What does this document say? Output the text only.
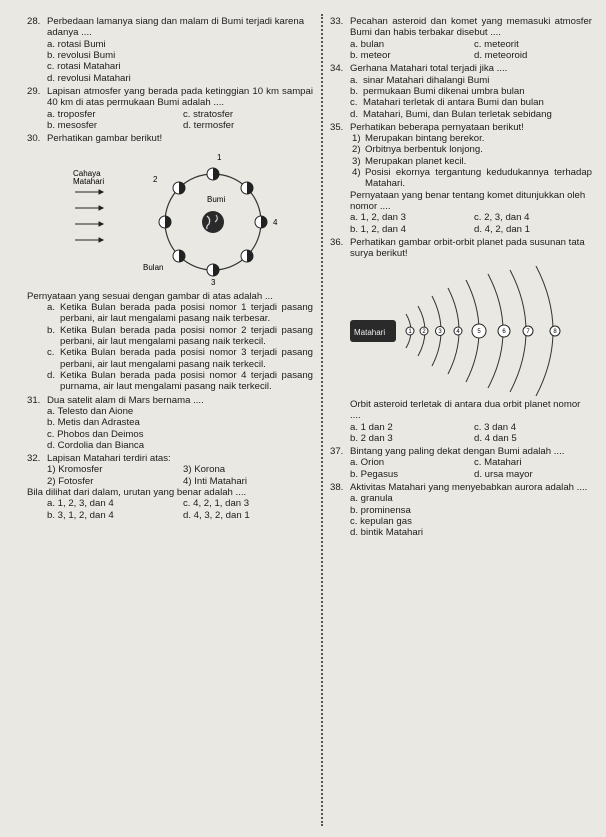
28. Perbedaan lamanya siang dan malam di Bumi terjadi karena adanya ....
a. rotasi Bumi
b. revolusi Bumi
c. rotasi Matahari
d. revolusi Matahari
29. Lapisan atmosfer yang berada pada ketinggian 10 km sampai 40 km di atas permukaan Bumi adalah ....
a. troposfer	c. stratosfer
b. mesosfer	d. termosfer
30. Perhatikan gambar berikut!
Cahaya
Matahari
Bumi
1
2
3
4
Bulan
Pernyataan yang sesuai dengan gambar di atas adalah ...
a. Ketika Bulan berada pada posisi nomor 1 terjadi pasang perbani, air laut mengalami pasang naik terbesar.
b. Ketika Bulan berada pada posisi nomor 2 terjadi pasang perbani, air laut mengalami pasang naik terkecil.
c. Ketika Bulan berada pada posisi nomor 3 terjadi pasang perbani, air laut mengalami pasang naik terkecil.
d. Ketika Bulan berada pada posisi nomor 4 terjadi pasang purnama, air laut mengalami pasang naik terkecil.
31. Dua satelit alam di Mars bernama ....
a. Telesto dan Aione
b. Metis dan Adrastea
c. Phobos dan Deimos
d. Cordolia dan Bianca
32. Lapisan Matahari terdiri atas:
1) Kromosfer	3) Korona
2) Fotosfer	4) Inti Matahari
Bila dilihat dari dalam, urutan yang benar adalah ....
a. 1, 2, 3, dan 4	c. 4, 2, 1, dan 3
b. 3, 1, 2, dan 4	d. 4, 3, 2, dan 1
33. Pecahan asteroid dan komet yang memasuki atmosfer Bumi dan habis terbakar disebut ....
a. bulan	c. meteorit
b. meteor	d. meteoroid
34. Gerhana Matahari total terjadi jika ....
a. sinar Matahari dihalangi Bumi
b. permukaan Bumi dikenai umbra bulan
c. Matahari terletak di antara Bumi dan bulan
d. Matahari, Bumi, dan Bulan terletak sebidang
35. Perhatikan beberapa pernyataan berikut!
1) Merupakan bintang berekor.
2) Orbitnya berbentuk lonjong.
3) Merupakan planet kecil.
4) Posisi ekornya tergantung kedudukannya terhadap Matahari.
Pernyataan yang benar tentang komet ditunjukkan oleh nomor ....
a. 1, 2, dan 3	c. 2, 3, dan 4
b. 1, 2, dan 4	d. 4, 2, dan 1
36. Perhatikan gambar orbit-orbit planet pada susunan tata surya berikut!
Matahari	1 2 3 4	5	6	7	8
Orbit asteroid terletak di antara dua orbit planet nomor ....
a. 1 dan 2	c. 3 dan 4
b. 2 dan 3	d. 4 dan 5
37. Bintang yang paling dekat dengan Bumi adalah ....
a. Orion	c. Matahari
b. Pegasus	d. ursa mayor
38. Aktivitas Matahari yang menyebabkan aurora adalah ....
a. granula
b. prominensa
c. kepulan gas
d. bintik Matahari
